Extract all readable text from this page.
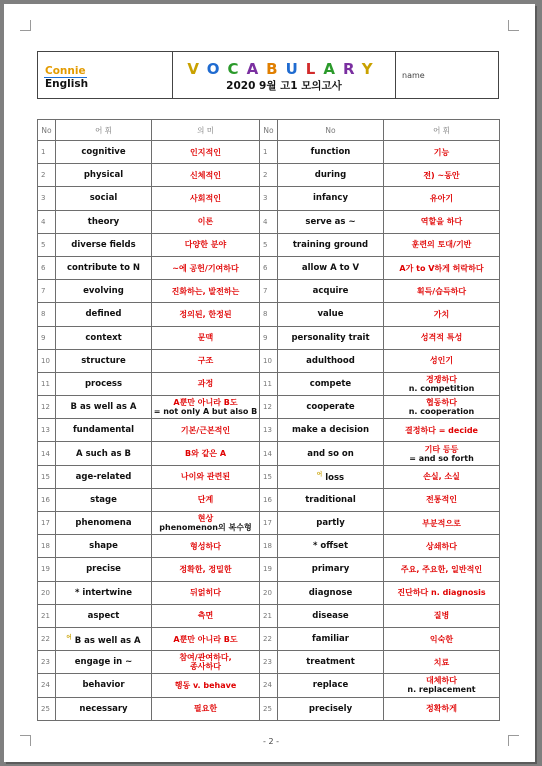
Connie
English

VOCABULARY
2020 9월 고1 모의고사
	name
No	어 휘	의 미	No	No	어 휘
1	cognitive	인지적인	1	function	기능

2	physical	신체적인	2	during	전) ~동안

3	social	사회적인	3	infancy	유아기

4	theory	이론	4	serve as ~	역할을 하다

5	diverse fields	다양한 분야	5	training ground	훈련의 토대/기반

6	contribute to N	~에 공헌/기여하다	6	allow A to V	A가 to V하게 허락하다

7	evolving	진화하는, 발전하는	7	acquire	획득/습득하다

8	defined	정의된, 한정된	8	value	가치

9	context	문맥	9	personality trait	성격적 특성

10	structure	구조	10	adulthood	성인기

11	process	과정	11	compete	경쟁하다
n. competition

12	B as well as A	A뿐만 아니라 B도
= not only A but also B	12	cooperate	협동하다
n. cooperation

13	fundamental	기본/근본적인	13	make a decision	결정하다 = decide

14	A such as B	B와 같은 A	14	and so on	기타 등등
= and so forth

15	age-related	나이와 관련된	15	$^어$ loss	손실, 소실

16	stage	단계	16	traditional	전통적인

17	phenomena	현상
phenomenon의 복수형	17	partly	부분적으로

18	shape	형성하다	18	* offset	상쇄하다

19	precise	정확한, 정밀한	19	primary	주요, 주요한, 일반적인

20	* intertwine	뒤얽히다	20	diagnose	진단하다 n. diagnosis

21	aspect	측면	21	disease	질병

22	$^어$ B as well as A	A뿐만 아니라 B도	22	familiar	익숙한

23	engage in ~	참여/관여하다,
종사하다	23	treatment	치료

24	behavior	행동 v. behave	24	replace	대체하다
n. replacement

25	necessary	필요한	25	precisely	정확하게
- 2 -
